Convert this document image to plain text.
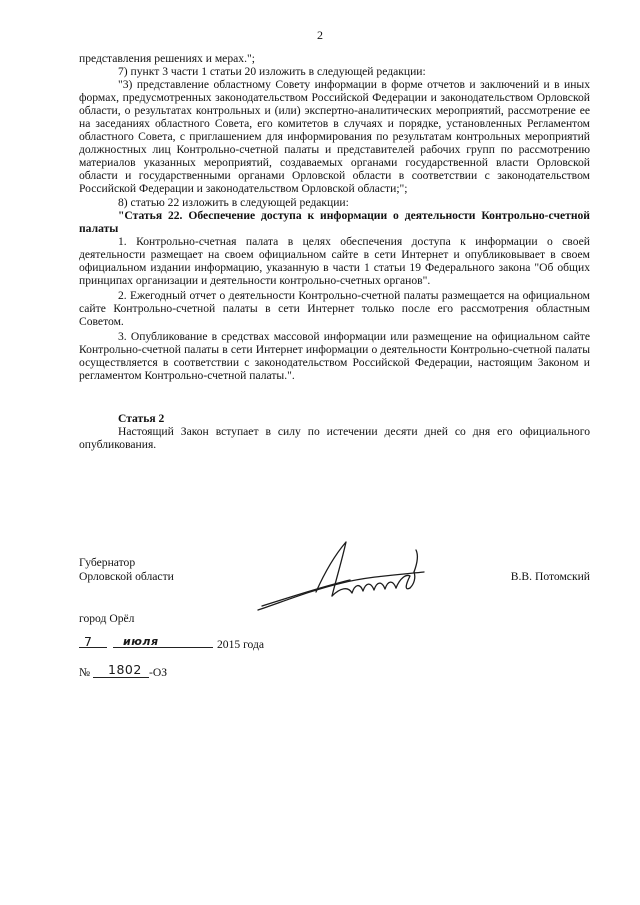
2

представления решениях и мерах.";

7) пункт 3 части 1 статьи 20 изложить в следующей редакции:

"3) представление областному Совету информации в форме отчетов и заключений и в иных формах, предусмотренных законодательством Российской Федерации и законодательством Орловской области, о результатах контрольных и (или) экспертно-аналитических мероприятий, рассмотрение ее на заседаниях областного Совета, его комитетов в случаях и порядке, установленных Регламентом областного Совета, с приглашением для информирования по результатам контрольных мероприятий должностных лиц Контрольно-счетной палаты и представителей рабочих групп по рассмотрению материалов указанных мероприятий, создаваемых органами государственной власти Орловской области и государственными органами Орловской области в соответствии с законодательством Российской Федерации и законодательством Орловской области;";

8) статью 22 изложить в следующей редакции:

"Статья 22. Обеспечение доступа к информации о деятельности Контрольно-счетной палаты

1. Контрольно-счетная палата в целях обеспечения доступа к информации о своей деятельности размещает на своем официальном сайте в сети Интернет и опубликовывает в своем официальном издании информацию, указанную в части 1 статьи 19 Федерального закона "Об общих принципах организации и деятельности контрольно-счетных органов".

2. Ежегодный отчет о деятельности Контрольно-счетной палаты размещается на официальном сайте Контрольно-счетной палаты в сети Интернет только после его рассмотрения областным Советом.

3. Опубликование в средствах массовой информации или размещение на официальном сайте Контрольно-счетной палаты в сети Интернет информации о деятельности Контрольно-счетной палаты осуществляется в соответствии с законодательством Российской Федерации, настоящим Законом и регламентом Контрольно-счетной палаты.".

Статья 2

Настоящий Закон вступает в силу по истечении десяти дней со дня его официального опубликования.

Губернатор
Орловской области	В.В. Потомский
город Орёл
7	июля	2015 года
№ 1802 -ОЗ
